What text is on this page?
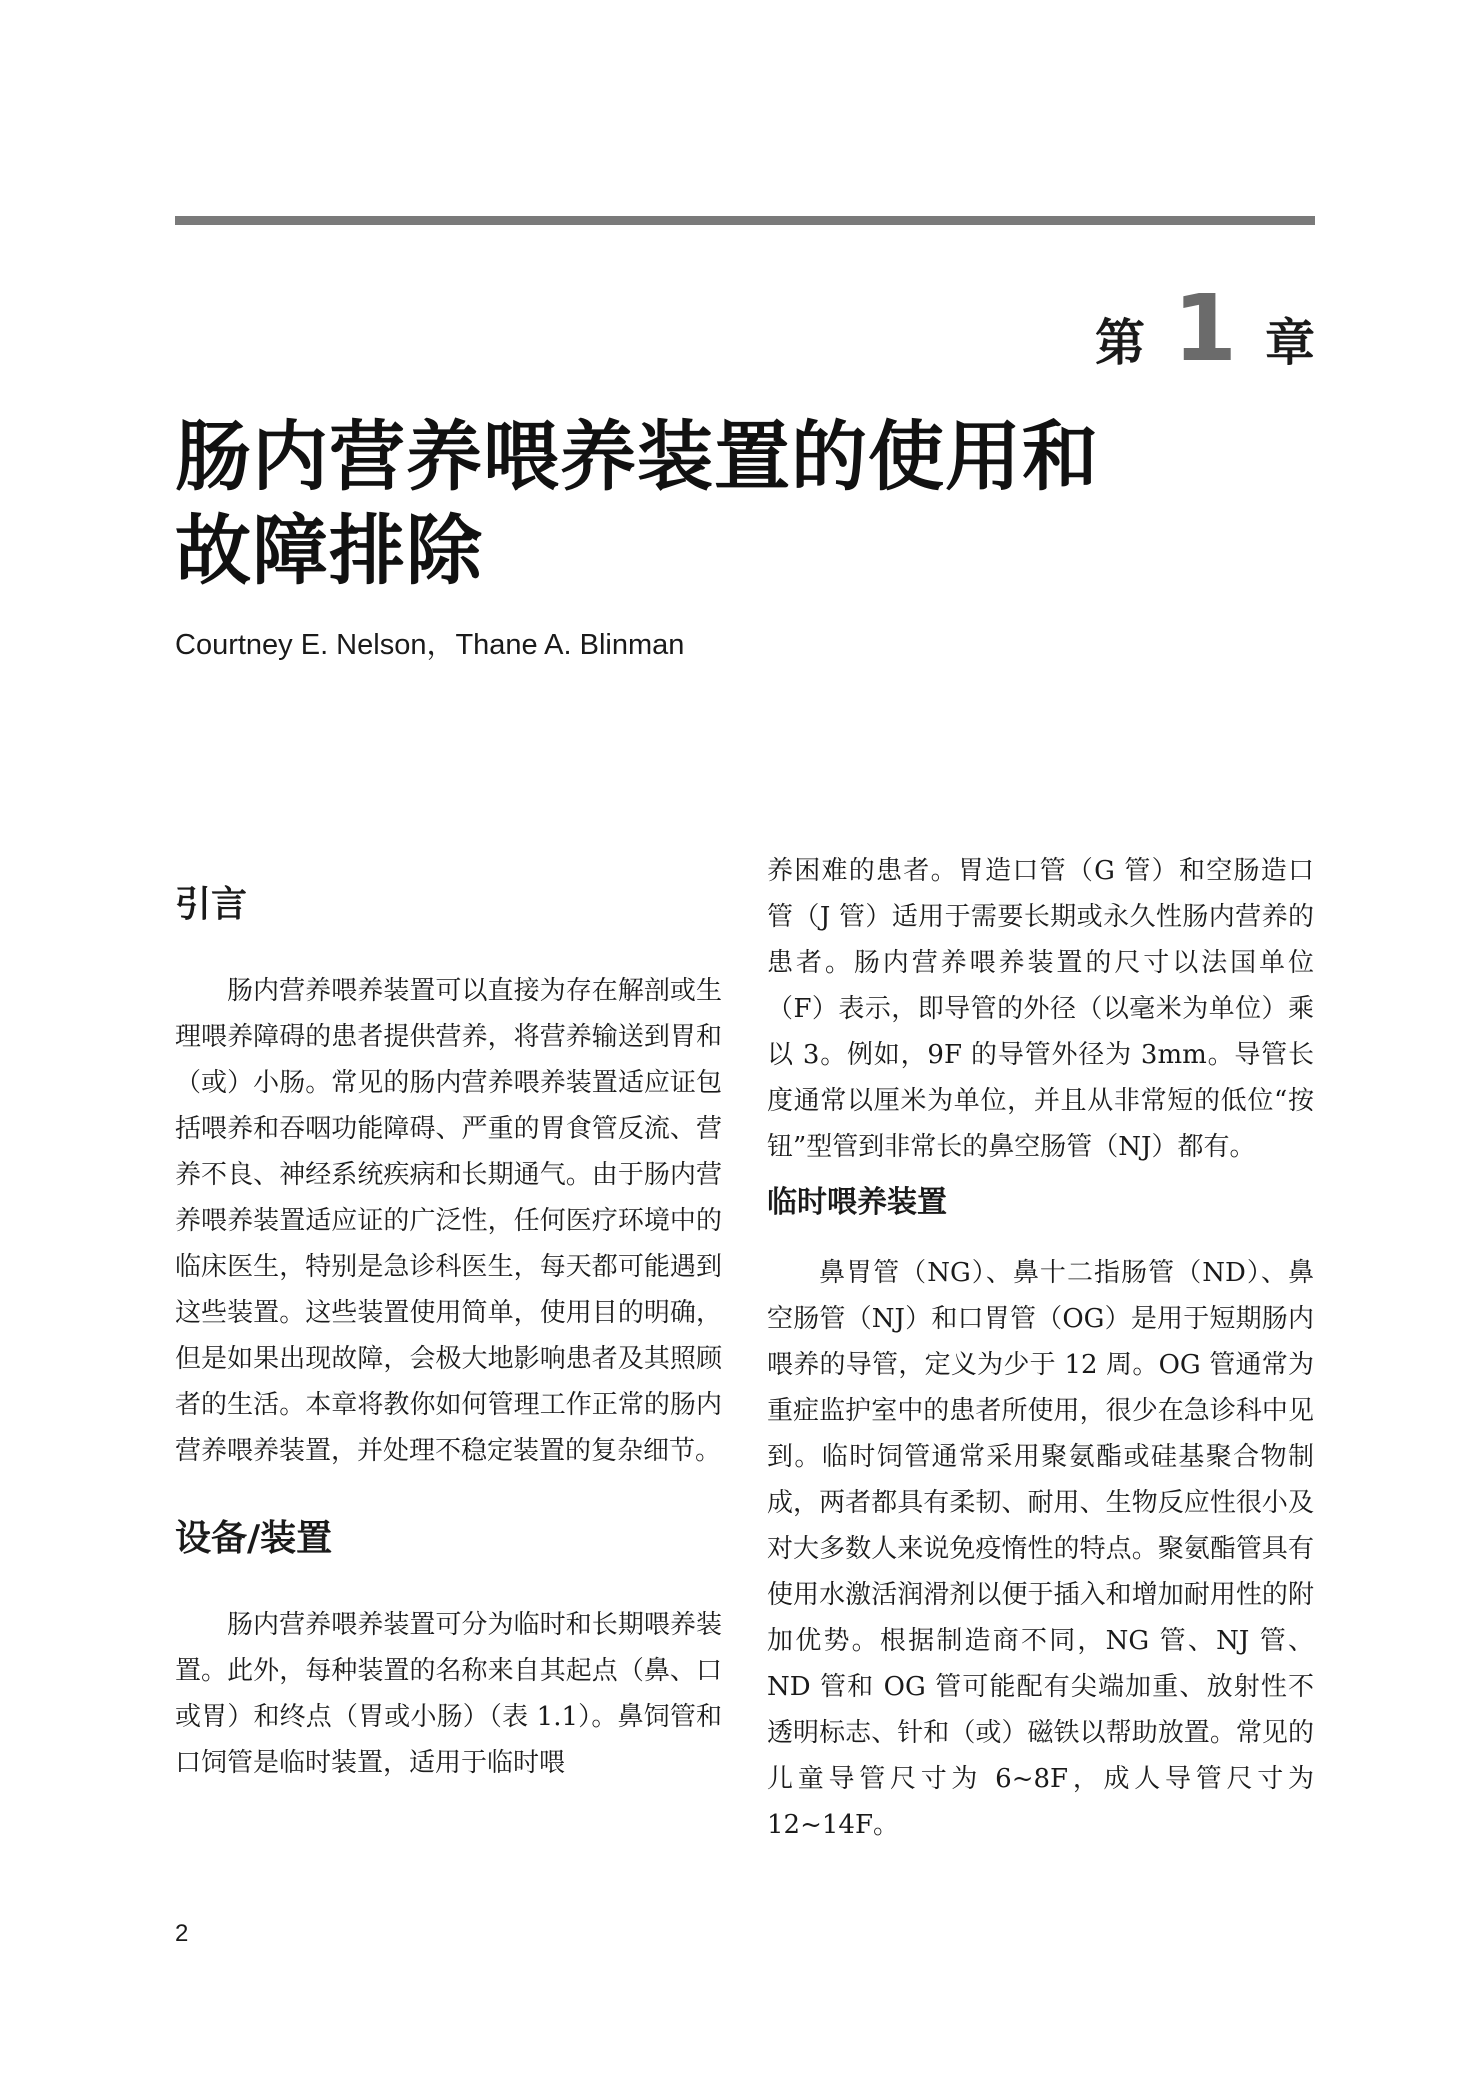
第 1 章
肠内营养喂养装置的使用和
故障排除
Courtney E. Nelson，Thane A. Blinman
引言

肠内营养喂养装置可以直接为存在解剖或生理喂养障碍的患者提供营养，将营养输送到胃和（或）小肠。常见的肠内营养喂养装置适应证包括喂养和吞咽功能障碍、严重的胃食管反流、营养不良、神经系统疾病和长期通气。由于肠内营养喂养装置适应证的广泛性，任何医疗环境中的临床医生，特别是急诊科医生，每天都可能遇到这些装置。这些装置使用简单，使用目的明确，但是如果出现故障，会极大地影响患者及其照顾者的生活。本章将教你如何管理工作正常的肠内营养喂养装置，并处理不稳定装置的复杂细节。

设备/装置

肠内营养喂养装置可分为临时和长期喂养装置。此外，每种装置的名称来自其起点（鼻、口或胃）和终点（胃或小肠）（表 1.1）。鼻饲管和口饲管是临时装置，适用于临时喂

养困难的患者。胃造口管（G 管）和空肠造口管（J 管）适用于需要长期或永久性肠内营养的患者。肠内营养喂养装置的尺寸以法国单位（F）表示，即导管的外径（以毫米为单位）乘以 3。例如，9F 的导管外径为 3mm。导管长度通常以厘米为单位，并且从非常短的低位“按钮”型管到非常长的鼻空肠管（NJ）都有。

临时喂养装置

鼻胃管（NG）、鼻十二指肠管（ND）、鼻空肠管（NJ）和口胃管（OG）是用于短期肠内喂养的导管，定义为少于 12 周。OG 管通常为重症监护室中的患者所使用，很少在急诊科中见到。临时饲管通常采用聚氨酯或硅基聚合物制成，两者都具有柔韧、耐用、生物反应性很小及对大多数人来说免疫惰性的特点。聚氨酯管具有使用水激活润滑剂以便于插入和增加耐用性的附加优势。根据制造商不同，NG 管、NJ 管、ND 管和 OG 管可能配有尖端加重、放射性不透明标志、针和（或）磁铁以帮助放置。常见的儿童导管尺寸为 6~8F，成人导管尺寸为 12~14F。

2
